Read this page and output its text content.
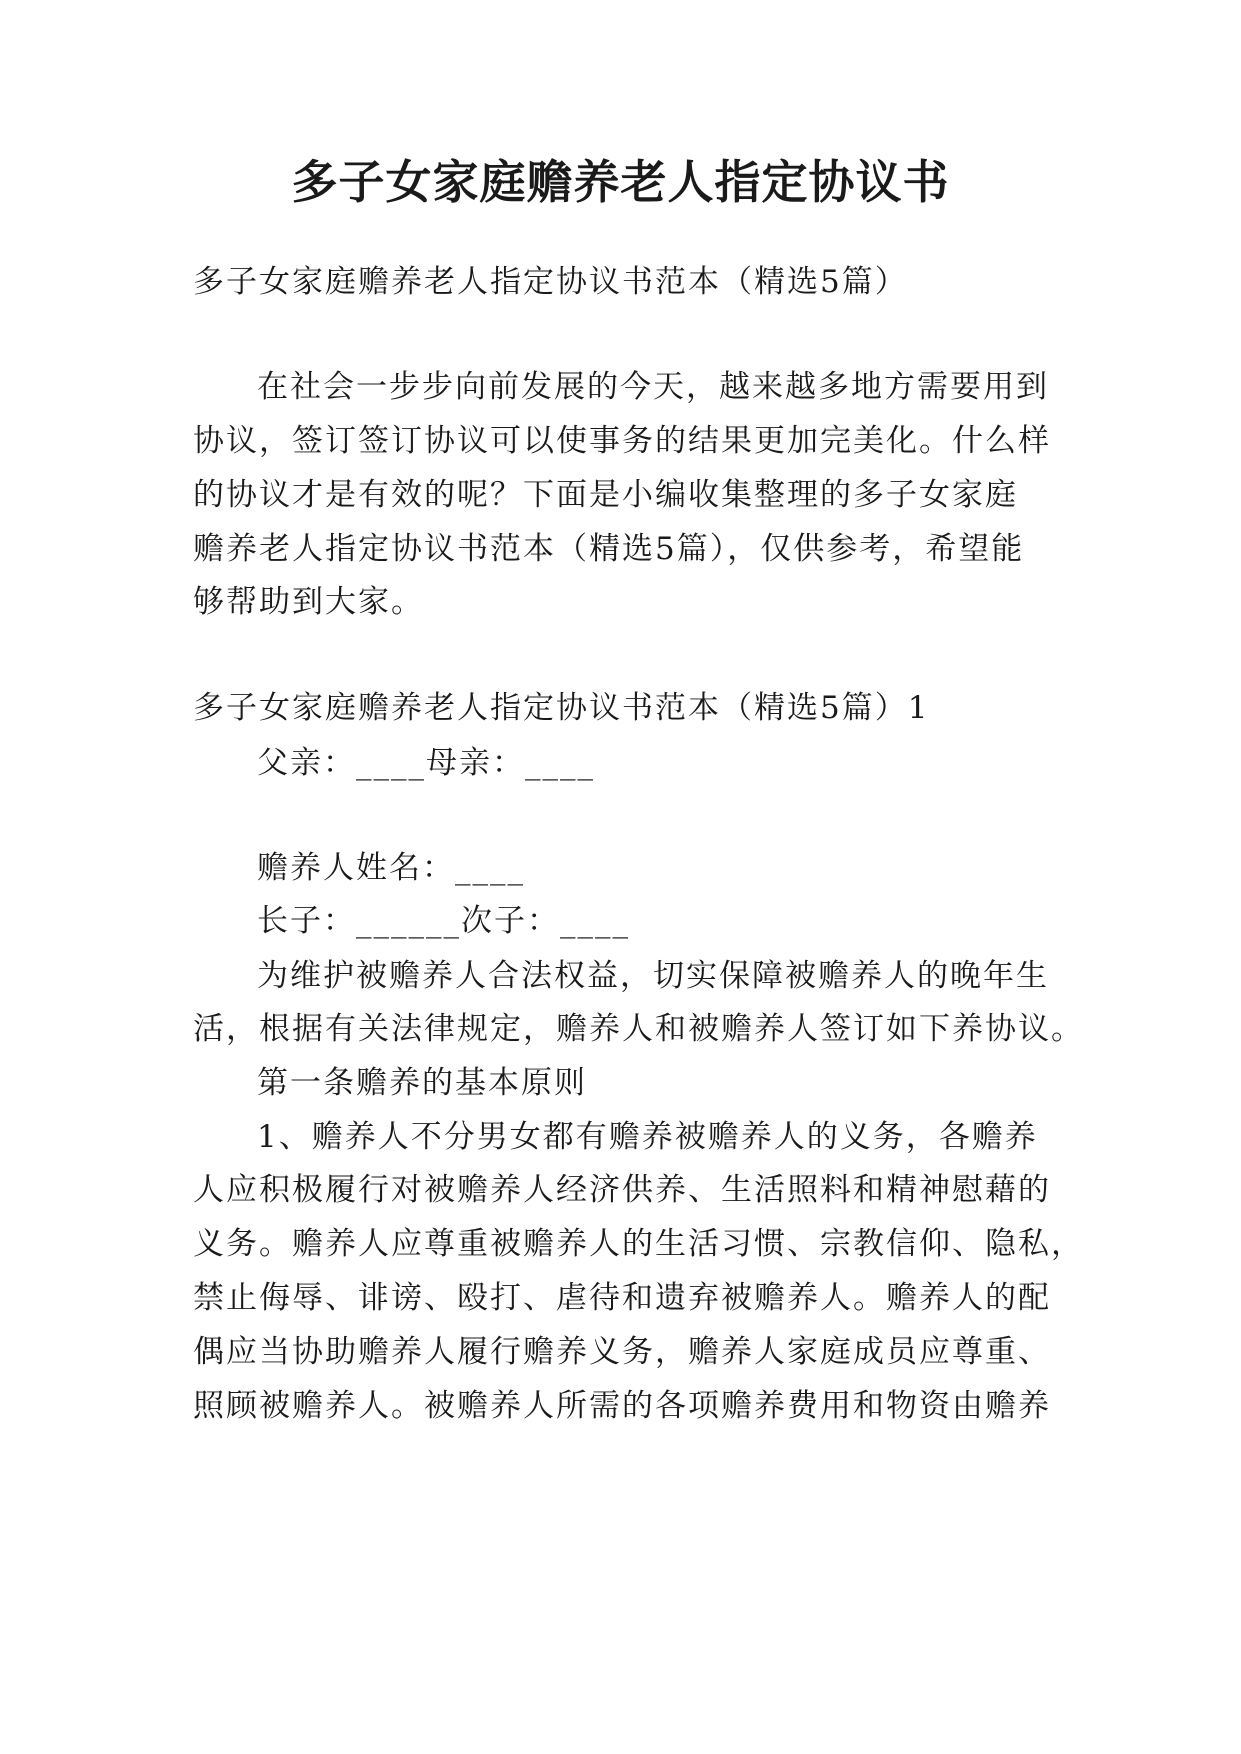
多子女家庭赡养老人指定协议书
多子女家庭赡养老人指定协议书范本（精选5篇）
在社会一步步向前发展的今天，越来越多地方需要用到
协议，签订签订协议可以使事务的结果更加完美化。什么样
的协议才是有效的呢？下面是小编收集整理的多子女家庭
赡养老人指定协议书范本（精选5篇），仅供参考，希望能
够帮助到大家。
多子女家庭赡养老人指定协议书范本（精选5篇）1
父亲：____母亲：____
赡养人姓名：____
长子：______次子：____
为维护被赡养人合法权益，切实保障被赡养人的晚年生
活，根据有关法律规定，赡养人和被赡养人签订如下养协议。
第一条赡养的基本原则
1、赡养人不分男女都有赡养被赡养人的义务，各赡养
人应积极履行对被赡养人经济供养、生活照料和精神慰藉的
义务。赡养人应尊重被赡养人的生活习惯、宗教信仰、隐私，
禁止侮辱、诽谤、殴打、虐待和遗弃被赡养人。赡养人的配
偶应当协助赡养人履行赡养义务，赡养人家庭成员应尊重、
照顾被赡养人。被赡养人所需的各项赡养费用和物资由赡养
